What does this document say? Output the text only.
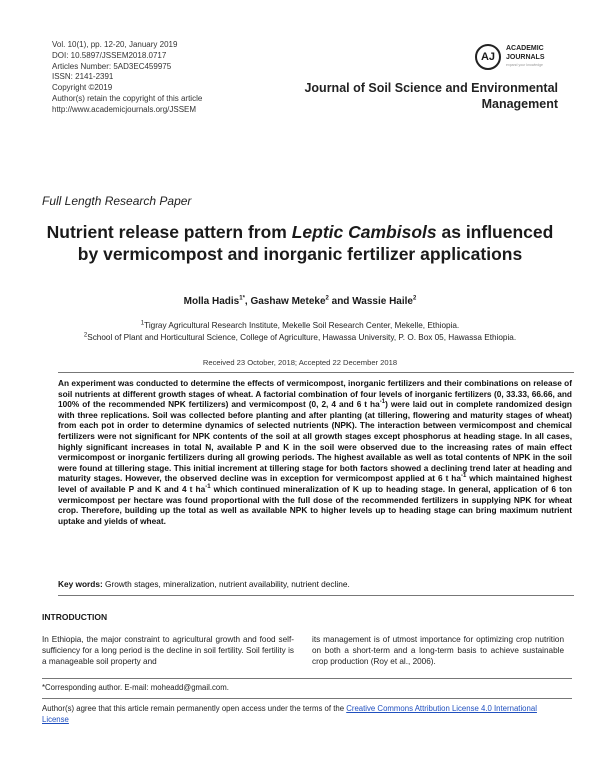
Vol. 10(1), pp. 12-20, January 2019
DOI: 10.5897/JSSEM2018.0717
Articles Number: 5AD3EC459975
ISSN: 2141-2391
Copyright ©2019
Author(s) retain the copyright of this article
http://www.academicjournals.org/JSSEM
AJ
ACADEMIC
JOURNALS
expand your knowledge
Journal of Soil Science and Environmental
Management
Full Length Research Paper
Nutrient release pattern from Leptic Cambisols as influenced by vermicompost and inorganic fertilizer applications
Molla Hadis$^{1*}$, Gashaw Meteke$^2$ and Wassie Haile$^2$
$^1$Tigray Agricultural Research Institute, Mekelle Soil Research Center, Mekelle, Ethiopia.
$^2$School of Plant and Horticultural Science, College of Agriculture, Hawassa University, P. O. Box 05, Hawassa Ethiopia.
Received 23 October, 2018; Accepted 22 December 2018
An experiment was conducted to determine the effects of vermicompost, inorganic fertilizers and their combinations on release of soil nutrients at different growth stages of wheat. A factorial combination of four levels of inorganic fertilizers (0, 33.33, 66.66, and 100% of the recommended NPK fertilizers) and vermicompost (0, 2, 4 and 6 t $ha^{-1}$) were laid out in complete randomized design with three replications. Soil was collected before planting and after planting (at tillering, flowering and maturity stages of wheat) from each pot in order to determine dynamics of selected nutrients (NPK). The interaction between vermicompost and chemical fertilizers were not significant for NPK contents of the soil at all growth stages except phosphorus at heading stage. In all cases, highly significant increases in total N, available P and K in the soil were observed due to the increasing rates of main effect vermicompost or inorganic fertilizers during all growing periods. The highest available as well as total contents of NPK in the soil were found at tillering stage. This initial increment at tillering stage for both factors showed a declining trend later at heading and maturity stages. However, the observed decline was in exception for vermicompost applied at 6 t $ha^{-1}$ which maintained highest level of available P and K and 4 t $ha^{-1}$ which continued mineralization of K up to heading stage. In general, application of 6 ton vermicompost per hectare was found proportional with the full dose of the recommended fertilizers in supplying NPK for wheat crop. Therefore, building up the total as well as available NPK to higher levels up to heading stage can bring maximum nutrient uptake and yields of wheat.
Key words: Growth stages, mineralization, nutrient availability, nutrient decline.
INTRODUCTION
In Ethiopia, the major constraint to agricultural growth and food self-sufficiency for a long period is the decline in soil fertility. Soil fertility is a manageable soil property and
its management is of utmost importance for optimizing crop nutrition on both a short-term and a long-term basis to achieve sustainable crop production (Roy et al., 2006).
*Corresponding author. E-mail: moheadd@gmail.com.
Author(s) agree that this article remain permanently open access under the terms of the Creative Commons Attribution License 4.0 International License
